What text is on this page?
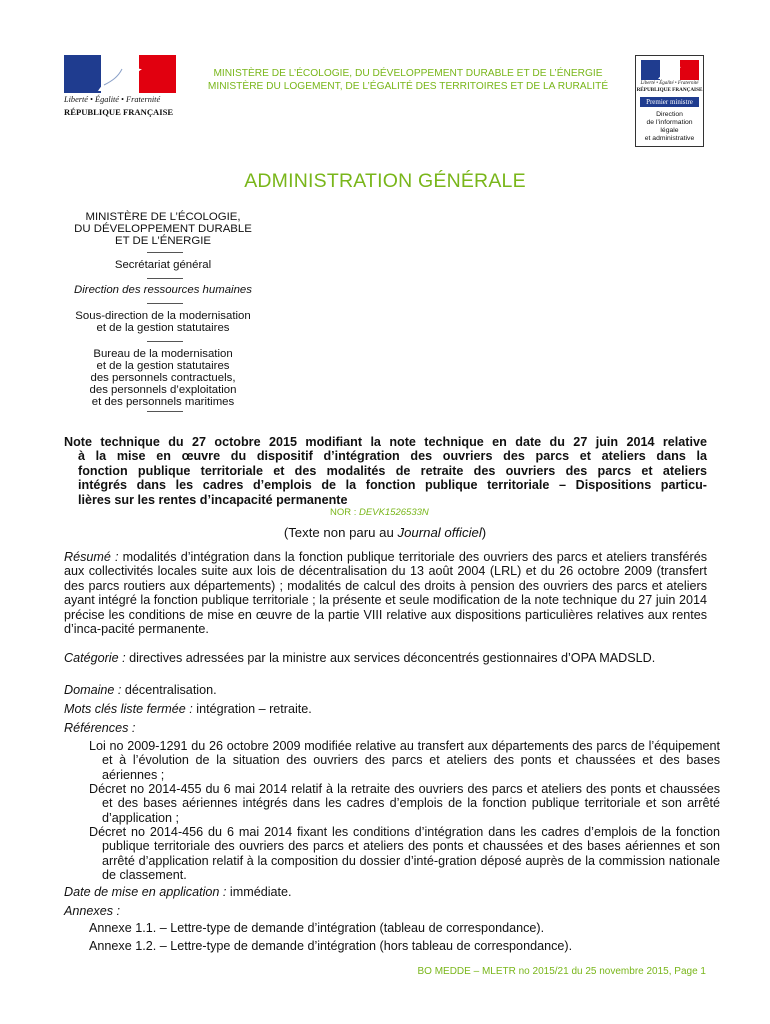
Liberté • Égalité • Fraternité
RÉPUBLIQUE FRANÇAISE
MINISTÈRE DE L’ÉCOLOGIE, DU DÉVELOPPEMENT DURABLE ET DE L’ÉNERGIE
MINISTÈRE DU LOGEMENT, DE L’ÉGALITÉ DES TERRITOIRES ET DE LA RURALITÉ	Liberté • Égalité • Fraternité
RÉPUBLIQUE FRANÇAISE
Premier ministre
Direction
de l’information
légale
et administrative
ADMINISTRATION GÉNÉRALE
MINISTÈRE DE L’ÉCOLOGIE,
DU DÉVELOPPEMENT DURABLE
ET DE L’ÉNERGIE
Secrétariat général
Direction des ressources humaines
Sous-direction de la modernisation
et de la gestion statutaires
Bureau de la modernisation
et de la gestion statutaires
des personnels contractuels,
des personnels d’exploitation
et des personnels maritimes
Note technique du 27 octobre 2015 modifiant la note technique en date du 27 juin 2014 relative
à la mise en œuvre du dispositif d’intégration des ouvriers des parcs et ateliers dans la
fonction publique territoriale et des modalités de retraite des ouvriers des parcs et ateliers
intégrés dans les cadres d’emplois de la fonction publique territoriale – Dispositions particu-
lières sur les rentes d’incapacité permanente
NOR : DEVK1526533N
(Texte non paru au Journal officiel)
Résumé : modalités d’intégration dans la fonction publique territoriale des ouvriers des parcs et ateliers transférés aux collectivités locales suite aux lois de décentralisation du 13 août 2004 (LRL) et du 26 octobre 2009 (transfert des parcs routiers aux départements) ; modalités de calcul des droits à pension des ouvriers des parcs et ateliers ayant intégré la fonction publique territoriale ; la présente et seule modification de la note technique du 27 juin 2014 précise les conditions de mise en œuvre de la partie VIII relative aux dispositions particulières relatives aux rentes d’inca-pacité permanente.
Catégorie : directives adressées par la ministre aux services déconcentrés gestionnaires d’OPA MADSLD.
Domaine : décentralisation.
Mots clés liste fermée : intégration – retraite.
Références :
Loi no 2009-1291 du 26 octobre 2009 modifiée relative au transfert aux départements des parcs de l’équipement et à l’évolution de la situation des ouvriers des parcs et ateliers des ponts et chaussées et des bases aériennes ;
Décret no 2014-455 du 6 mai 2014 relatif à la retraite des ouvriers des parcs et ateliers des ponts et chaussées et des bases aériennes intégrés dans les cadres d’emplois de la fonction publique territoriale et son arrêté d’application ;
Décret no 2014-456 du 6 mai 2014 fixant les conditions d’intégration dans les cadres d’emplois de la fonction publique territoriale des ouvriers des parcs et ateliers des ponts et chaussées et des bases aériennes et son arrêté d’application relatif à la composition du dossier d’inté-gration déposé auprès de la commission nationale de classement.
Date de mise en application : immédiate.
Annexes :
Annexe 1.1. – Lettre-type de demande d’intégration (tableau de correspondance).
Annexe 1.2. – Lettre-type de demande d’intégration (hors tableau de correspondance).
BO MEDDE – MLETR no 2015/21 du 25 novembre 2015, Page 1
